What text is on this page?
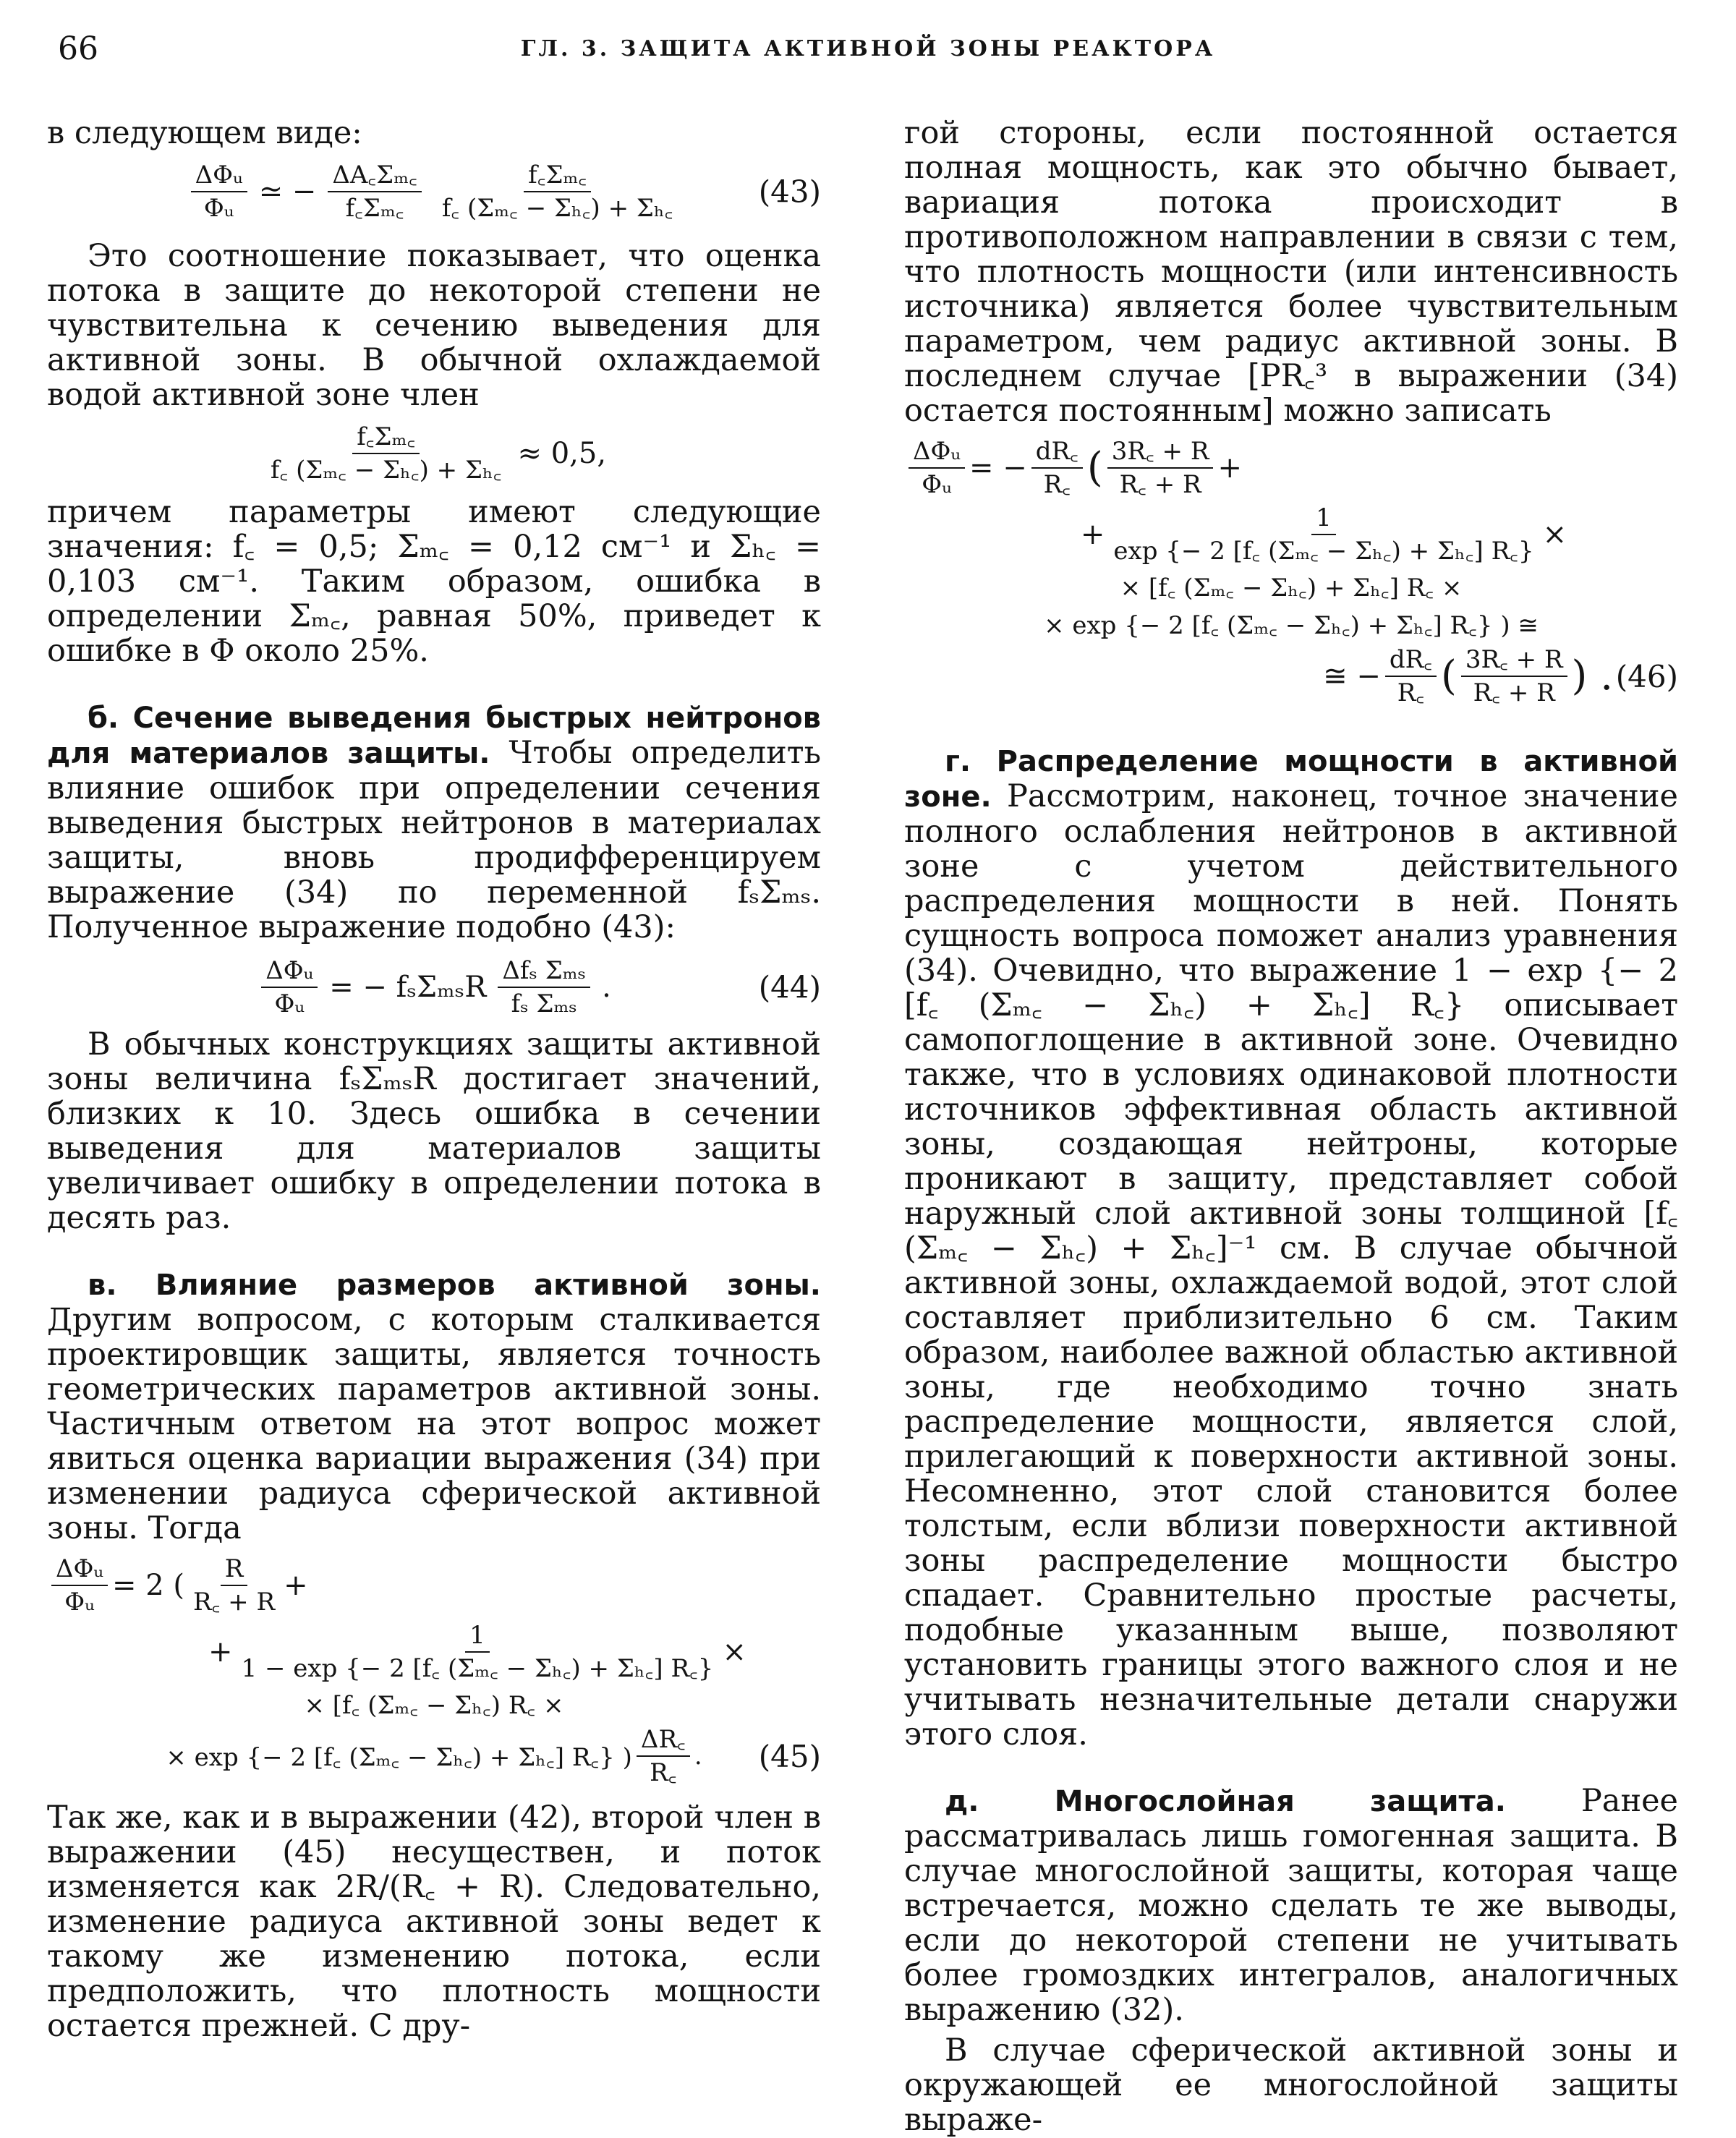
66	ГЛ. 3. ЗАЩИТА АКТИВНОЙ ЗОНЫ РЕАКТОРА

в следующем виде:

$\frac{\text{ΔΦᵤ}}{\text{Φᵤ}}$ ≃ − $\frac{\text{ΔA꜀Σₘ꜀}}{\text{f꜀Σₘ꜀}} \frac{\text{f꜀Σₘ꜀}}{\text{f꜀ (Σₘ꜀ − Σₕ꜀) + Σₕ꜀}}$	(43)

Это соотношение показывает, что оценка потока в защите до некоторой степени не чувствительна к сечению выведения для активной зоны. В обычной охлаждаемой водой активной зоне член

$\frac{\text{f꜀Σₘ꜀}}{\text{f꜀ (Σₘ꜀ − Σₕ꜀) + Σₕ꜀}} \approx 0,5$,

причем параметры имеют следующие значения: f꜀ = 0,5; Σₘ꜀ = 0,12 см⁻¹ и Σₕ꜀ = 0,103 см⁻¹. Таким образом, ошибка в определении Σₘ꜀, равная 50%, приведет к ошибке в Φ около 25%.

б. Сечение выведения быстрых нейтронов для материалов защиты. Чтобы определить влияние ошибок при определении сечения выведения быстрых нейтронов в материалах защиты, вновь продифференцируем выражение (34) по переменной fₛΣₘₛ. Полученное выражение подобно (43):

$\frac{\text{ΔΦᵤ}}{\text{Φᵤ}}$ = − fₛΣₘₛR $\frac{\text{Δfₛ Σₘₛ}}{\text{fₛ Σₘₛ}}$ .	(44)

В обычных конструкциях защиты активной зоны величина fₛΣₘₛR достигает значений, близких к 10. Здесь ошибка в сечении выведения для материалов защиты увеличивает ошибку в определении потока в десять раз.

в. Влияние размеров активной зоны. Другим вопросом, с которым сталкивается проектировщик защиты, является точность геометрических параметров активной зоны. Частичным ответом на этот вопрос может явиться оценка вариации выражения (34) при изменении радиуса сферической активной зоны. Тогда

$\frac{\text{ΔΦᵤ}}{\text{Φᵤ}} = 2$ ( $\frac{R}{R꜀ + R}$ +
+ $\frac{1}{\text{1 − exp \{− 2 [f꜀ (Σₘ꜀ − Σₕ꜀) + Σₕ꜀] R꜀\}}}$ ×
× [f꜀ (Σₘ꜀ − Σₕ꜀) R꜀ ×
× exp {− 2 [f꜀ (Σₘ꜀ − Σₕ꜀) + Σₕ꜀] R꜀} ) $\frac{\Delta R꜀}{R꜀}$ . (45)

Так же, как и в выражении (42), второй член в выражении (45) несуществен, и поток изменяется как 2R/(R꜀ + R). Следовательно, изменение радиуса активной зоны ведет к такому же изменению потока, если предположить, что плотность мощности остается прежней. С дру-

гой стороны, если постоянной остается полная мощность, как это обычно бывает, вариация потока происходит в противоположном направлении в связи с тем, что плотность мощности (или интенсивность источника) является более чувствительным параметром, чем радиус активной зоны. В последнем случае [PR꜀³ в выражении (34) остается постоянным] можно записать

$\frac{\text{ΔΦᵤ}}{\text{Φᵤ}}$ = − $\frac{dR꜀}{R꜀}$ ( $\frac{3R꜀ + R}{R꜀ + R}$ +
+ $\frac{1}{\text{exp \{− 2 [f꜀ (Σₘ꜀ − Σₕ꜀) + Σₕ꜀] R꜀\}}}$ ×
× [f꜀ (Σₘ꜀ − Σₕ꜀) + Σₕ꜀] R꜀ ×
× exp {− 2 [f꜀ (Σₘ꜀ − Σₕ꜀) + Σₕ꜀] R꜀} ) ≅
≅ − $\frac{dR꜀}{R꜀}$ ( $\frac{3R꜀ + R}{R꜀ + R}$ ) . (46)

г. Распределение мощности в активной зоне. Рассмотрим, наконец, точное значение полного ослабления нейтронов в активной зоне с учетом действительного распределения мощности в ней. Понять сущность вопроса поможет анализ уравнения (34). Очевидно, что выражение 1 − exp {− 2 [f꜀ (Σₘ꜀ − Σₕ꜀) + Σₕ꜀] R꜀} описывает самопоглощение в активной зоне. Очевидно также, что в условиях одинаковой плотности источников эффективная область активной зоны, создающая нейтроны, которые проникают в защиту, представляет собой наружный слой активной зоны толщиной [f꜀ (Σₘ꜀ − Σₕ꜀) + Σₕ꜀]⁻¹ см. В случае обычной активной зоны, охлаждаемой водой, этот слой составляет приблизительно 6 см. Таким образом, наиболее важной областью активной зоны, где необходимо точно знать распределение мощности, является слой, прилегающий к поверхности активной зоны. Несомненно, этот слой становится более толстым, если вблизи поверхности активной зоны распределение мощности быстро спадает. Сравнительно простые расчеты, подобные указанным выше, позволяют установить границы этого важного слоя и не учитывать незначительные детали снаружи этого слоя.

д. Многослойная защита. Ранее рассматривалась лишь гомогенная защита. В случае многослойной защиты, которая чаще встречается, можно сделать те же выводы, если до некоторой степени не учитывать более громоздких интегралов, аналогичных выражению (32).

В случае сферической активной зоны и окружающей ее многослойной защиты выраже-
